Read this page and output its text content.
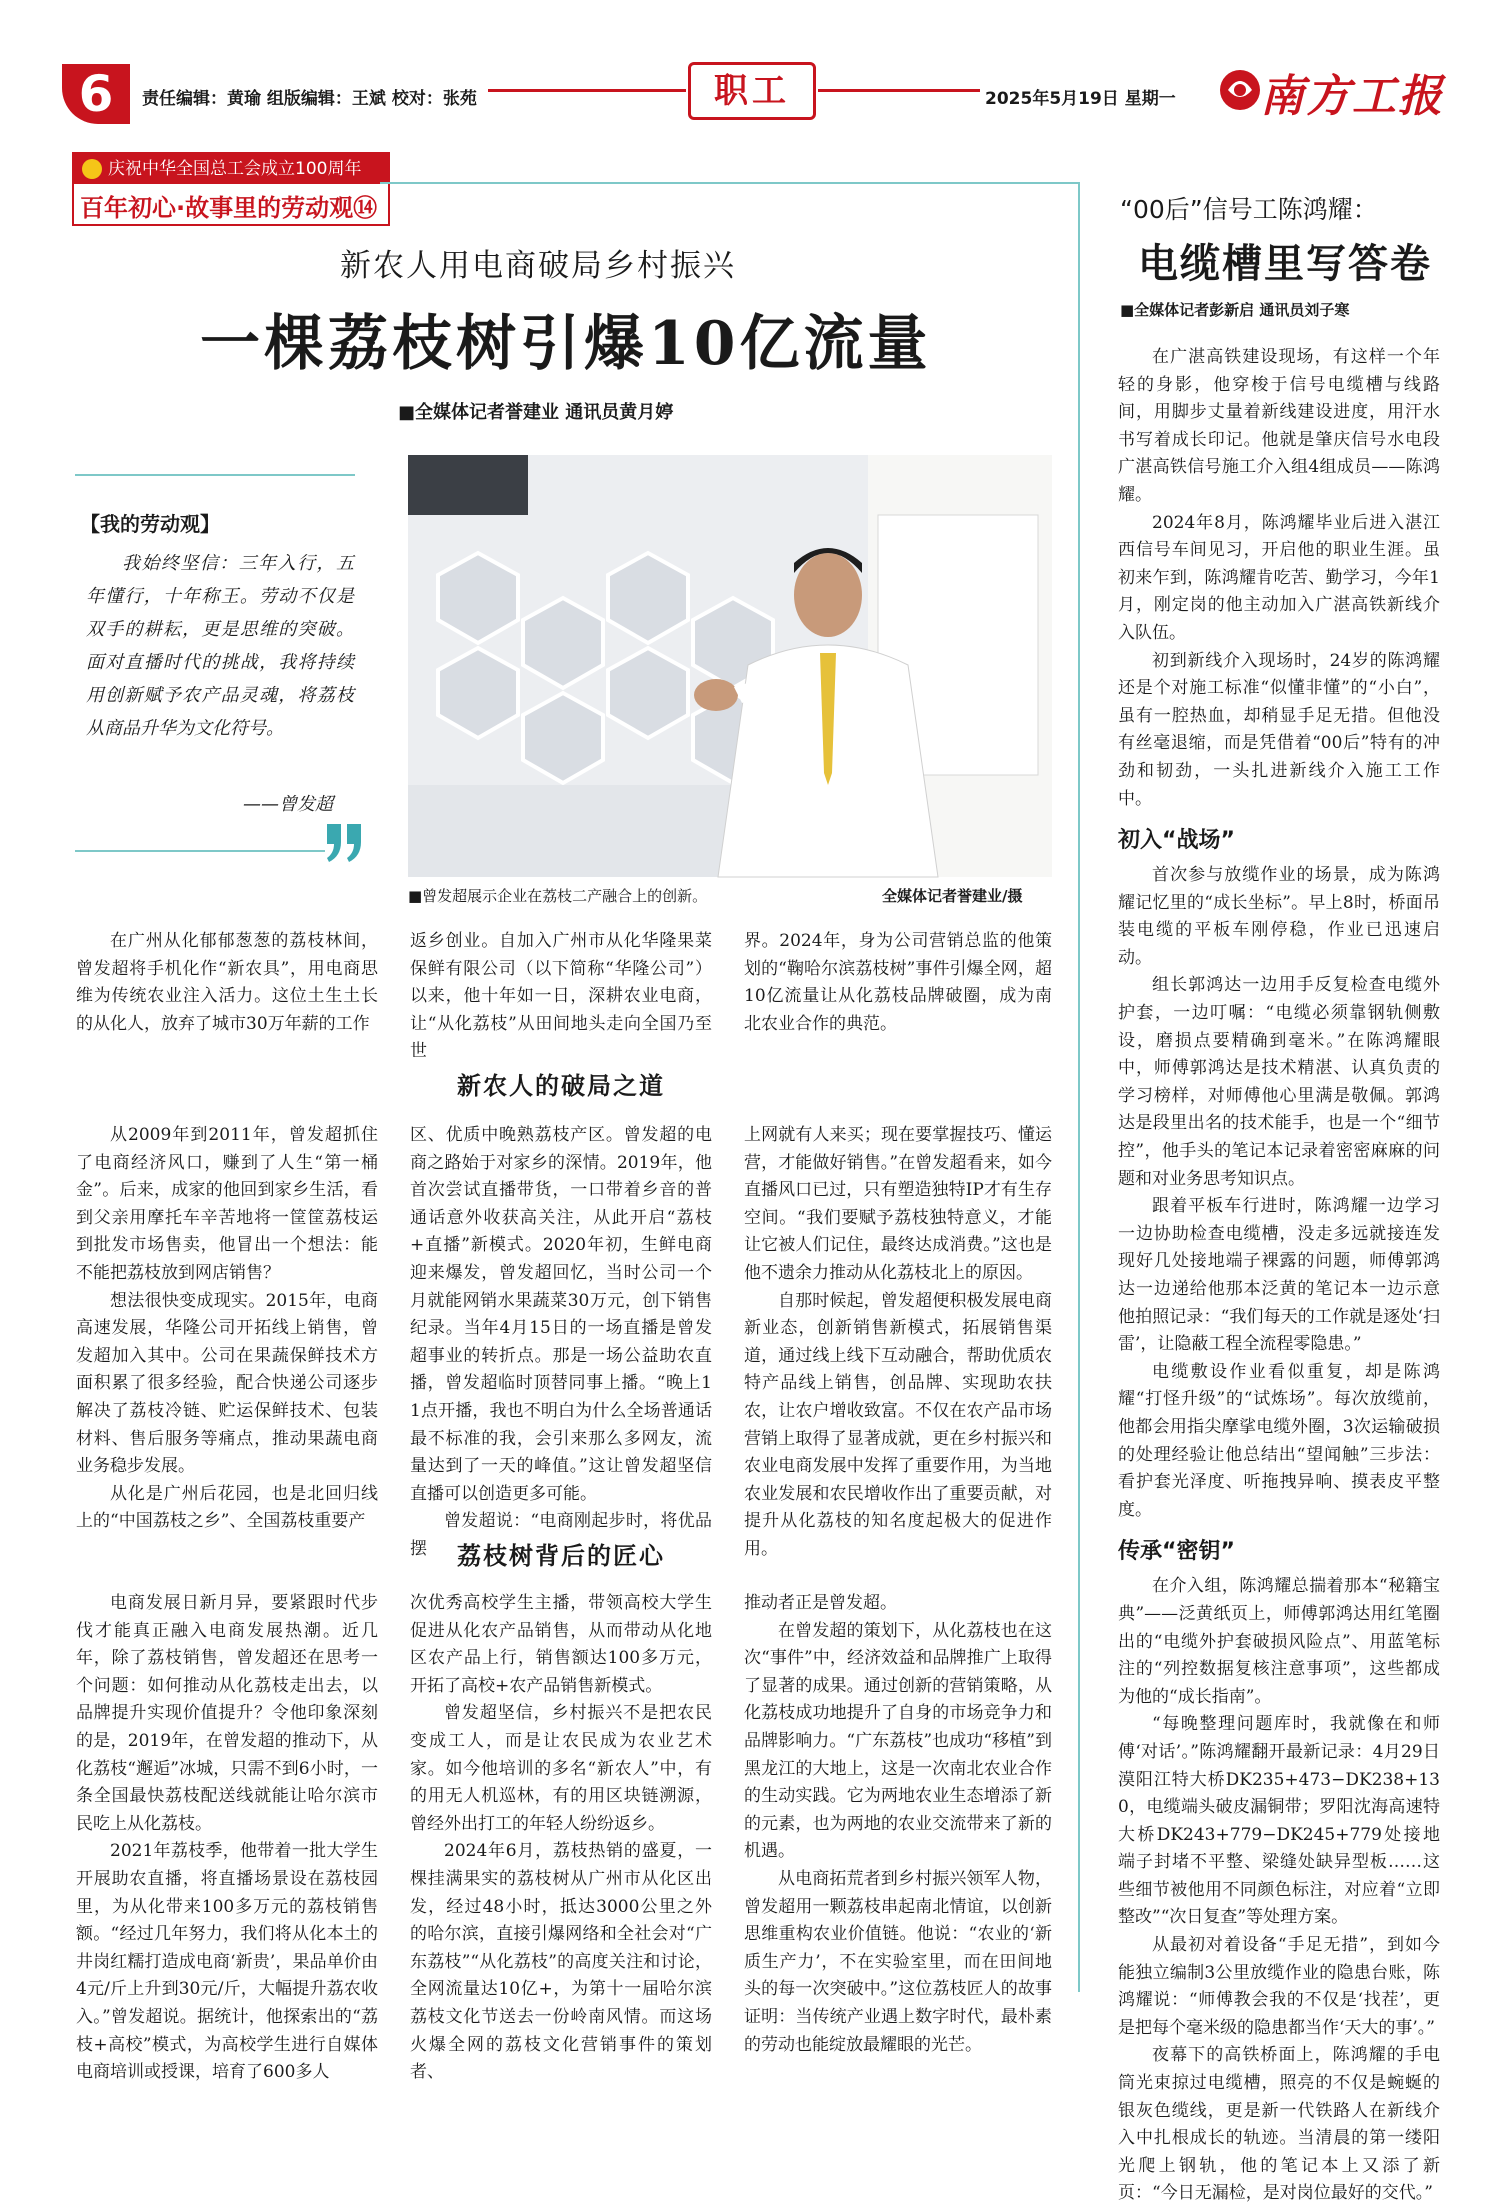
6	责任编辑：黄瑜 组版编辑：王斌 校对：张苑	职工	2025年5月19日 星期一 南方工报
庆祝中华全国总工会成立100周年
百年初心·故事里的劳动观⑭
新农人用电商破局乡村振兴
一棵荔枝树引爆10亿流量
■全媒体记者誉建业 通讯员黄月婷
【我的劳动观】
我始终坚信：三年入行，五年懂行，十年称王。劳动不仅是双手的耕耘，更是思维的突破。面对直播时代的挑战，我将持续用创新赋予农产品灵魂，将荔枝从商品升华为文化符号。
——曾发超
■曾发超展示企业在荔枝二产融合上的创新。	全媒体记者誉建业/摄
在广州从化郁郁葱葱的荔枝林间，曾发超将手机化作“新农具”，用电商思维为传统农业注入活力。这位土生土长的从化人，放弃了城市30万年薪的工作
返乡创业。自加入广州市从化华隆果菜保鲜有限公司（以下简称“华隆公司”）以来，他十年如一日，深耕农业电商，让“从化荔枝”从田间地头走向全国乃至世
界。2024年，身为公司营销总监的他策划的“鞠哈尔滨荔枝树”事件引爆全网，超10亿流量让从化荔枝品牌破圈，成为南北农业合作的典范。
新农人的破局之道

从2009年到2011年，曾发超抓住了电商经济风口，赚到了人生“第一桶金”。后来，成家的他回到家乡生活，看到父亲用摩托车辛苦地将一筐筐荔枝运到批发市场售卖，他冒出一个想法：能不能把荔枝放到网店销售？

想法很快变成现实。2015年，电商高速发展，华隆公司开拓线上销售，曾发超加入其中。公司在果蔬保鲜技术方面积累了很多经验，配合快递公司逐步解决了荔枝冷链、贮运保鲜技术、包装材料、售后服务等痛点，推动果蔬电商业务稳步发展。

从化是广州后花园，也是北回归线上的“中国荔枝之乡”、全国荔枝重要产

区、优质中晚熟荔枝产区。曾发超的电商之路始于对家乡的深情。2019年，他首次尝试直播带货，一口带着乡音的普通话意外收获高关注，从此开启“荔枝+直播”新模式。2020年初，生鲜电商迎来爆发，曾发超回忆，当时公司一个月就能网销水果蔬菜30万元，创下销售纪录。当年4月15日的一场直播是曾发超事业的转折点。那是一场公益助农直播，曾发超临时顶替同事上播。“晚上11点开播，我也不明白为什么全场普通话最不标准的我，会引来那么多网友，流量达到了一天的峰值。”这让曾发超坚信直播可以创造更多可能。

曾发超说：“电商刚起步时，将优品摆

上网就有人来买；现在要掌握技巧、懂运营，才能做好销售。”在曾发超看来，如今直播风口已过，只有塑造独特IP才有生存空间。“我们要赋予荔枝独特意义，才能让它被人们记住，最终达成消费。”这也是他不遗余力推动从化荔枝北上的原因。

自那时候起，曾发超便积极发展电商新业态，创新销售新模式，拓展销售渠道，通过线上线下互动融合，帮助优质农特产品线上销售，创品牌、实现助农扶农，让农户增收致富。不仅在农产品市场营销上取得了显著成就，更在乡村振兴和农业电商发展中发挥了重要作用，为当地农业发展和农民增收作出了重要贡献，对提升从化荔枝的知名度起极大的促进作用。

荔枝树背后的匠心

电商发展日新月异，要紧跟时代步伐才能真正融入电商发展热潮。近几年，除了荔枝销售，曾发超还在思考一个问题：如何推动从化荔枝走出去，以品牌提升实现价值提升？令他印象深刻的是，2019年，在曾发超的推动下，从化荔枝“邂逅”冰城，只需不到6小时，一条全国最快荔枝配送线就能让哈尔滨市民吃上从化荔枝。

2021年荔枝季，他带着一批大学生开展助农直播，将直播场景设在荔枝园里，为从化带来100多万元的荔枝销售额。“经过几年努力，我们将从化本土的井岗红糯打造成电商‘新贵’，果品单价由4元/斤上升到30元/斤，大幅提升荔农收入。”曾发超说。据统计，他探索出的“荔枝+高校”模式，为高校学生进行自媒体电商培训或授课，培育了600多人

次优秀高校学生主播，带领高校大学生促进从化农产品销售，从而带动从化地区农产品上行，销售额达100多万元，开拓了高校+农产品销售新模式。

曾发超坚信，乡村振兴不是把农民变成工人，而是让农民成为农业艺术家。如今他培训的多名“新农人”中，有的用无人机巡林，有的用区块链溯源，曾经外出打工的年轻人纷纷返乡。

2024年6月，荔枝热销的盛夏，一棵挂满果实的荔枝树从广州市从化区出发，经过48小时，抵达3000公里之外的哈尔滨，直接引爆网络和全社会对“广东荔枝”“从化荔枝”的高度关注和讨论，全网流量达10亿+，为第十一届哈尔滨荔枝文化节送去一份岭南风情。而这场火爆全网的荔枝文化营销事件的策划者、

推动者正是曾发超。

在曾发超的策划下，从化荔枝也在这次“事件”中，经济效益和品牌推广上取得了显著的成果。通过创新的营销策略，从化荔枝成功地提升了自身的市场竞争力和品牌影响力。“广东荔枝”也成功“移植”到黑龙江的大地上，这是一次南北农业合作的生动实践。它为两地农业生态增添了新的元素，也为两地的农业交流带来了新的机遇。

从电商拓荒者到乡村振兴领军人物，曾发超用一颗荔枝串起南北情谊，以创新思维重构农业价值链。他说：“农业的‘新质生产力’，不在实验室里，而在田间地头的每一次突破中。”这位荔枝匠人的故事证明：当传统产业遇上数字时代，最朴素的劳动也能绽放最耀眼的光芒。

“00后”信号工陈鸿耀：
电缆槽里写答卷
■全媒体记者彭新启 通讯员刘子寒

在广湛高铁建设现场，有这样一个年轻的身影，他穿梭于信号电缆槽与线路间，用脚步丈量着新线建设进度，用汗水书写着成长印记。他就是肇庆信号水电段广湛高铁信号施工介入组4组成员——陈鸿耀。

2024年8月，陈鸿耀毕业后进入湛江西信号车间见习，开启他的职业生涯。虽初来乍到，陈鸿耀肯吃苦、勤学习，今年1月，刚定岗的他主动加入广湛高铁新线介入队伍。

初到新线介入现场时，24岁的陈鸿耀还是个对施工标准“似懂非懂”的“小白”，虽有一腔热血，却稍显手足无措。但他没有丝毫退缩，而是凭借着“00后”特有的冲劲和韧劲，一头扎进新线介入施工工作中。

初入“战场”

首次参与放缆作业的场景，成为陈鸿耀记忆里的“成长坐标”。早上8时，桥面吊装电缆的平板车刚停稳，作业已迅速启动。

组长郭鸿达一边用手反复检查电缆外护套，一边叮嘱：“电缆必须靠钢轨侧敷设，磨损点要精确到毫米。”在陈鸿耀眼中，师傅郭鸿达是技术精湛、认真负责的学习榜样，对师傅他心里满是敬佩。郭鸿达是段里出名的技术能手，也是一个“细节控”，他手头的笔记本记录着密密麻麻的问题和对业务思考知识点。

跟着平板车行进时，陈鸿耀一边学习一边协助检查电缆槽，没走多远就接连发现好几处接地端子裸露的问题，师傅郭鸿达一边递给他那本泛黄的笔记本一边示意他拍照记录：“我们每天的工作就是逐处‘扫雷’，让隐蔽工程全流程零隐患。”

电缆敷设作业看似重复，却是陈鸿耀“打怪升级”的“试炼场”。每次放缆前，他都会用指尖摩挲电缆外圈，3次运输破损的处理经验让他总结出“望闻触”三步法：看护套光泽度、听拖拽异响、摸表皮平整度。

传承“密钥”

在介入组，陈鸿耀总揣着那本“秘籍宝典”——泛黄纸页上，师傅郭鸿达用红笔圈出的“电缆外护套破损风险点”、用蓝笔标注的“列控数据复核注意事项”，这些都成为他的“成长指南”。

“每晚整理问题库时，我就像在和师傅‘对话’。”陈鸿耀翻开最新记录：4月29日漠阳江特大桥DK235+473−DK238+130，电缆端头破皮漏铜带；罗阳沈海高速特大桥DK243+779−DK245+779处接地端子封堵不平整、梁缝处缺异型板……这些细节被他用不同颜色标注，对应着“立即整改”“次日复查”等处理方案。

从最初对着设备“手足无措”，到如今能独立编制3公里放缆作业的隐患台账，陈鸿耀说：“师傅教会我的不仅是‘找茬’，更是把每个毫米级的隐患都当作‘天大的事’。”

夜幕下的高铁桥面上，陈鸿耀的手电筒光束掠过电缆槽，照亮的不仅是蜿蜒的银灰色缆线，更是新一代铁路人在新线介入中扎根成长的轨迹。当清晨的第一缕阳光爬上钢轨，他的笔记本上又添了新页：“今日无漏检，是对岗位最好的交代。”
